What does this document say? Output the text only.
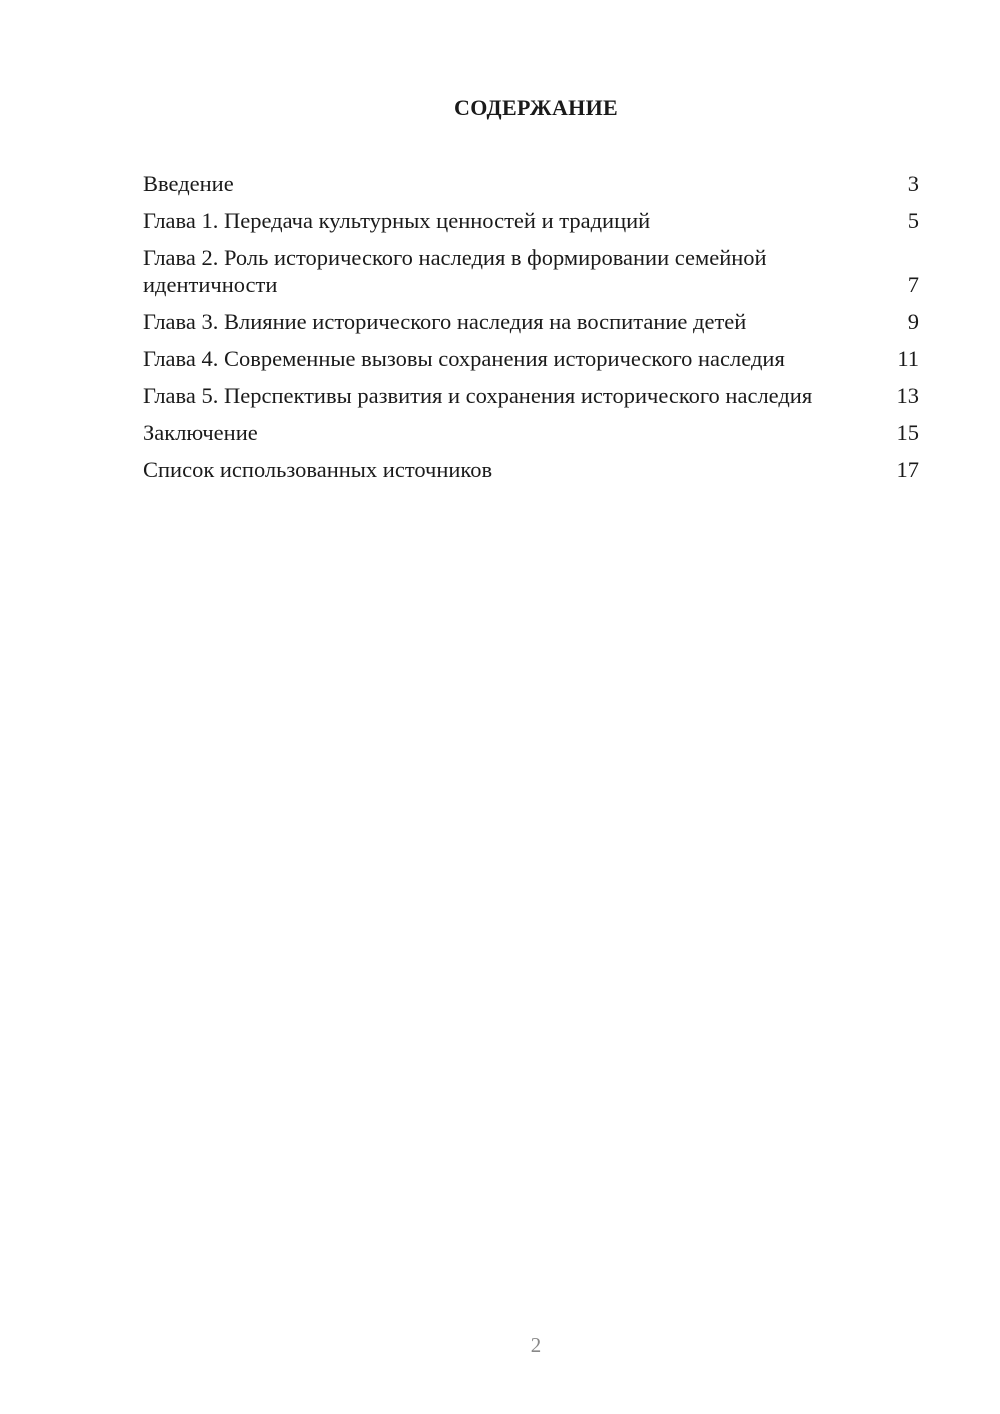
СОДЕРЖАНИЕ
Введение	3
Глава 1. Передача культурных ценностей и традиций	5
Глава 2. Роль исторического наследия в формировании семейной идентичности	7
Глава 3. Влияние исторического наследия на воспитание детей	9
Глава 4. Современные вызовы сохранения исторического наследия	11
Глава 5. Перспективы развития и сохранения исторического наследия	13
Заключение	15
Список использованных источников	17
2
